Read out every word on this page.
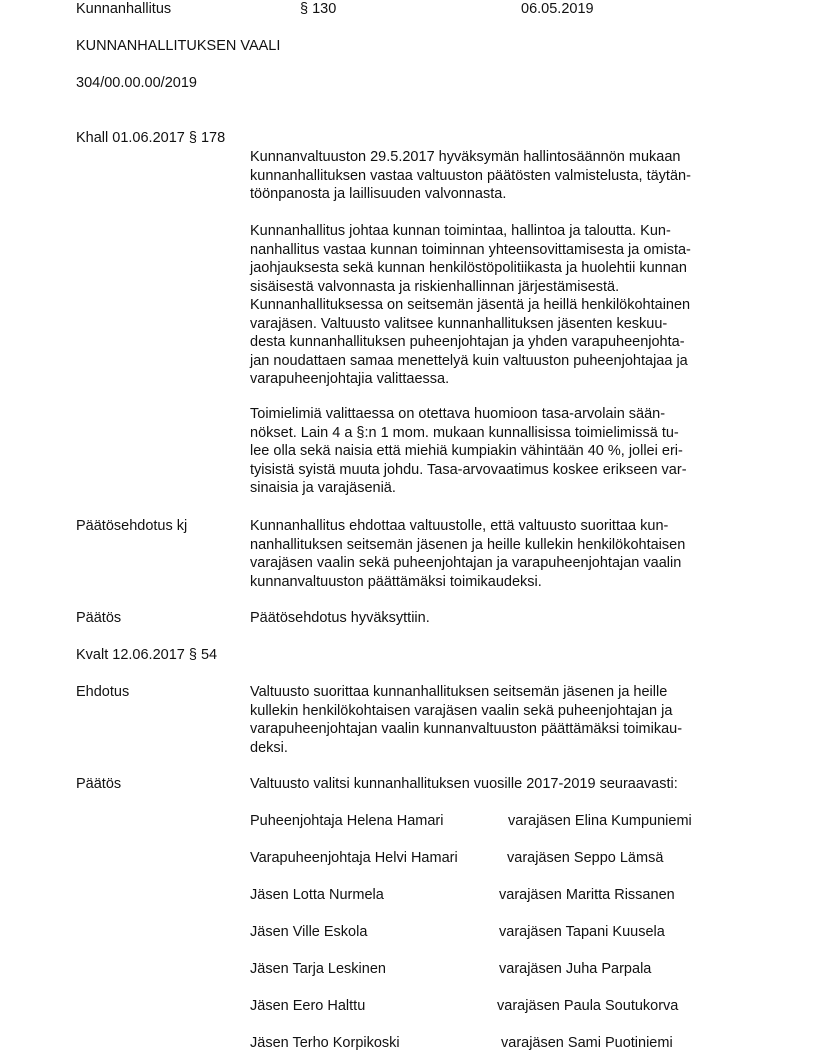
Kunnanhallitus	§ 130	06.05.2019
KUNNANHALLITUKSEN VAALI
304/00.00.00/2019
Khall 01.06.2017 § 178
Kunnanvaltuuston 29.5.2017 hyväksymän hallintosäännön mukaan
kunnanhallituksen vastaa valtuuston päätösten valmistelusta, täytän-
töönpanosta ja laillisuuden valvonnasta.
Kunnanhallitus johtaa kunnan toimintaa, hallintoa ja taloutta. Kun-
nanhallitus vastaa kunnan toiminnan yhteensovittamisesta ja omista-
jaohjauksesta sekä kunnan henkilöstöpolitiikasta ja huolehtii kunnan
sisäisestä valvonnasta ja riskienhallinnan järjestämisestä.
Kunnanhallituksessa on seitsemän jäsentä ja heillä henkilökohtainen
varajäsen. Valtuusto valitsee kunnanhallituksen jäsenten keskuu-
desta kunnanhallituksen puheenjohtajan ja yhden varapuheenjohta-
jan noudattaen samaa menettelyä kuin valtuuston puheenjohtajaa ja
varapuheenjohtajia valittaessa.
Toimielimiä valittaessa on otettava huomioon tasa-arvolain sään-
nökset. Lain 4 a §:n 1 mom. mukaan kunnallisissa toimielimissä tu-
lee olla sekä naisia että miehiä kumpiakin vähintään 40 %, jollei eri-
tyisistä syistä muuta johdu. Tasa-arvovaatimus koskee erikseen var-
sinaisia ja varajäseniä.
Päätösehdotus kj	Kunnanhallitus ehdottaa valtuustolle, että valtuusto suorittaa kun-
nanhallituksen seitsemän jäsenen ja heille kullekin henkilökohtaisen
varajäsen vaalin sekä puheenjohtajan ja varapuheenjohtajan vaalin
kunnanvaltuuston päättämäksi toimikaudeksi.
Päätös	Päätösehdotus hyväksyttiin.
Kvalt 12.06.2017 § 54
Ehdotus	Valtuusto suorittaa kunnanhallituksen seitsemän jäsenen ja heille
kullekin henkilökohtaisen varajäsen vaalin sekä puheenjohtajan ja
varapuheenjohtajan vaalin kunnanvaltuuston päättämäksi toimikau-
deksi.
Päätös	Valtuusto valitsi kunnanhallituksen vuosille 2017-2019 seuraavasti:
Puheenjohtaja Helena Hamari	varajäsen Elina Kumpuniemi
Varapuheenjohtaja Helvi Hamari	varajäsen Seppo Lämsä
Jäsen Lotta Nurmela	varajäsen Maritta Rissanen
Jäsen Ville Eskola	varajäsen Tapani Kuusela
Jäsen Tarja Leskinen	varajäsen Juha Parpala
Jäsen Eero Halttu	varajäsen Paula Soutukorva
Jäsen Terho Korpikoski	varajäsen Sami Puotiniemi
